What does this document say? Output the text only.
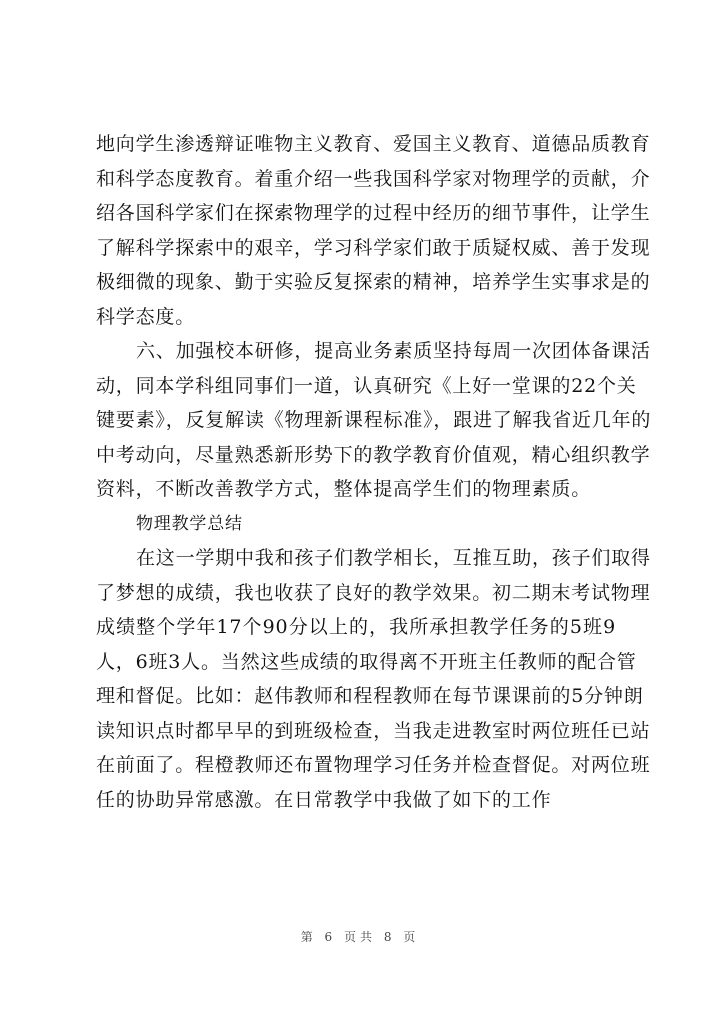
地向学生渗透辩证唯物主义教育、爱国主义教育、道德品质教育
和科学态度教育。着重介绍一些我国科学家对物理学的贡献，介
绍各国科学家们在探索物理学的过程中经历的细节事件，让学生
了解科学探索中的艰辛，学习科学家们敢于质疑权威、善于发现
极细微的现象、勤于实验反复探索的精神，培养学生实事求是的
科学态度。
六、加强校本研修，提高业务素质坚持每周一次团体备课活
动，同本学科组同事们一道，认真研究《上好一堂课的22个关
键要素》，反复解读《物理新课程标准》，跟进了解我省近几年的
中考动向，尽量熟悉新形势下的教学教育价值观，精心组织教学
资料，不断改善教学方式，整体提高学生们的物理素质。
物理教学总结
在这一学期中我和孩子们教学相长，互推互助，孩子们取得
了梦想的成绩，我也收获了良好的教学效果。初二期末考试物理
成绩整个学年17个90分以上的，我所承担教学任务的5班9
人，6班3人。当然这些成绩的取得离不开班主任教师的配合管
理和督促。比如：赵伟教师和程程教师在每节课课前的5分钟朗
读知识点时都早早的到班级检查，当我走进教室时两位班任已站
在前面了。程橙教师还布置物理学习任务并检查督促。对两位班
任的协助异常感激。在日常教学中我做了如下的工作
第 6 页共 8 页
